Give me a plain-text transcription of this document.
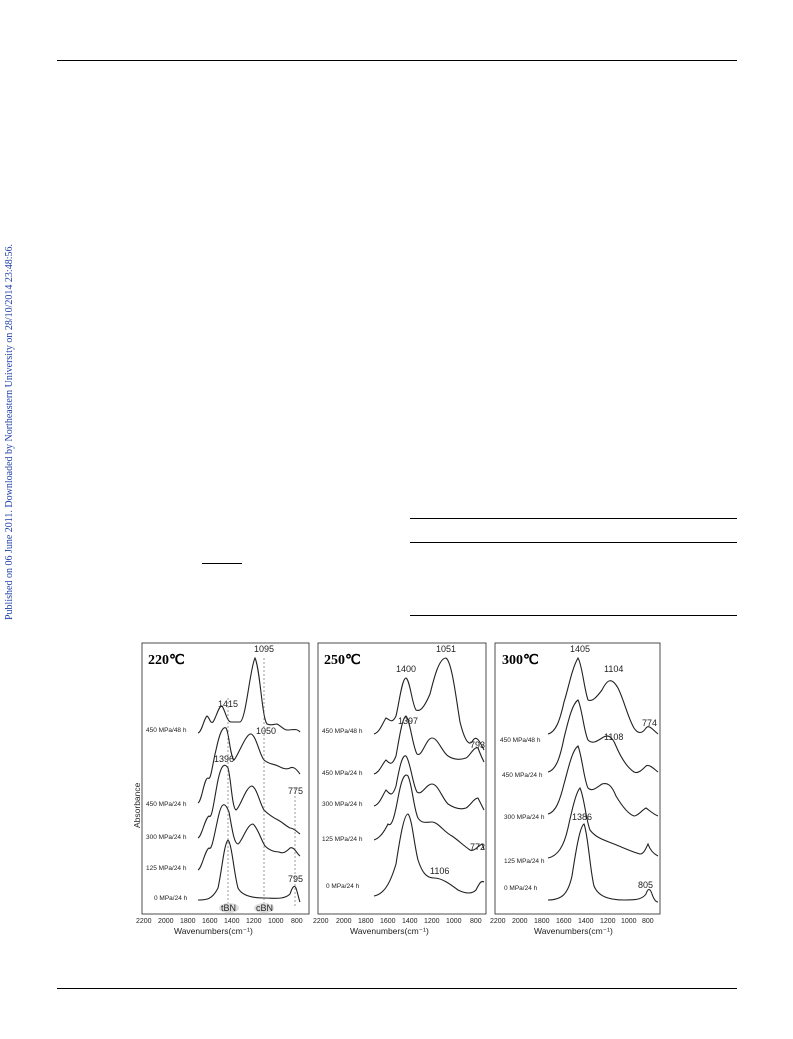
Published on 06 June 2011. Downloaded by Northeastern University on 28/10/2014 23:48:56.
220℃	250℃	300℃
Absorbance
Wavenumbers(cm⁻¹)	Wavenumbers(cm⁻¹)	Wavenumbers(cm⁻¹)
2200 2000 1800 1600 1400 1200 1000 800 2200 2000 1800 1600 1400 1200 1000 800 2200 2000 1800 1600 1400 1200 1000 800
tBN cBN
450 MPa/48 h
450 MPa/24 h
300 MPa/24 h
125 MPa/24 h
0 MPa/24 h
1095
1415
1050
1396
775
795
450 MPa/48 h
450 MPa/24 h
300 MPa/24 h
125 MPa/24 h
0 MPa/24 h
1051
1400
1397
793
772
1106
450 MPa/48 h
450 MPa/24 h
300 MPa/24 h
125 MPa/24 h
0 MPa/24 h
1405
1104
774
1108
1386
805
